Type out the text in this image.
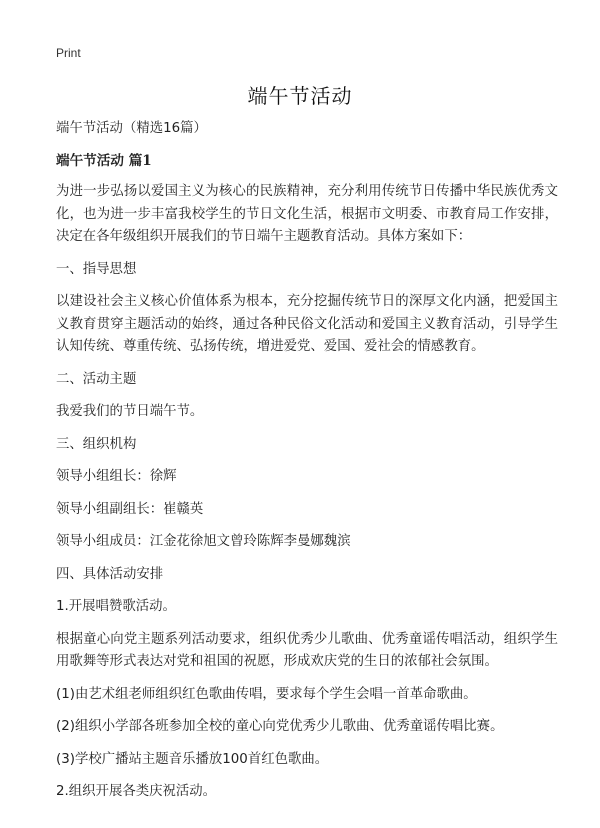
Print
端午节活动

端午节活动（精选16篇）

端午节活动 篇1

为进一步弘扬以爱国主义为核心的民族精神，充分利用传统节日传播中华民族优秀文化，也为进一步丰富我校学生的节日文化生活，根据市文明委、市教育局工作安排，决定在各年级组织开展我们的节日端午主题教育活动。具体方案如下：

一、指导思想

以建设社会主义核心价值体系为根本，充分挖掘传统节日的深厚文化内涵，把爱国主义教育贯穿主题活动的始终，通过各种民俗文化活动和爱国主义教育活动，引导学生认知传统、尊重传统、弘扬传统，增进爱党、爱国、爱社会的情感教育。

二、活动主题

我爱我们的节日端午节。

三、组织机构

领导小组组长：徐辉

领导小组副组长：崔赣英

领导小组成员：江金花徐旭文曾玲陈辉李曼娜魏滨

四、具体活动安排

1.开展唱赞歌活动。

根据童心向党主题系列活动要求，组织优秀少儿歌曲、优秀童谣传唱活动，组织学生用歌舞等形式表达对党和祖国的祝愿，形成欢庆党的生日的浓郁社会氛围。

(1)由艺术组老师组织红色歌曲传唱，要求每个学生会唱一首革命歌曲。

(2)组织小学部各班参加全校的童心向党优秀少儿歌曲、优秀童谣传唱比赛。

(3)学校广播站主题音乐播放100首红色歌曲。

2.组织开展各类庆祝活动。
